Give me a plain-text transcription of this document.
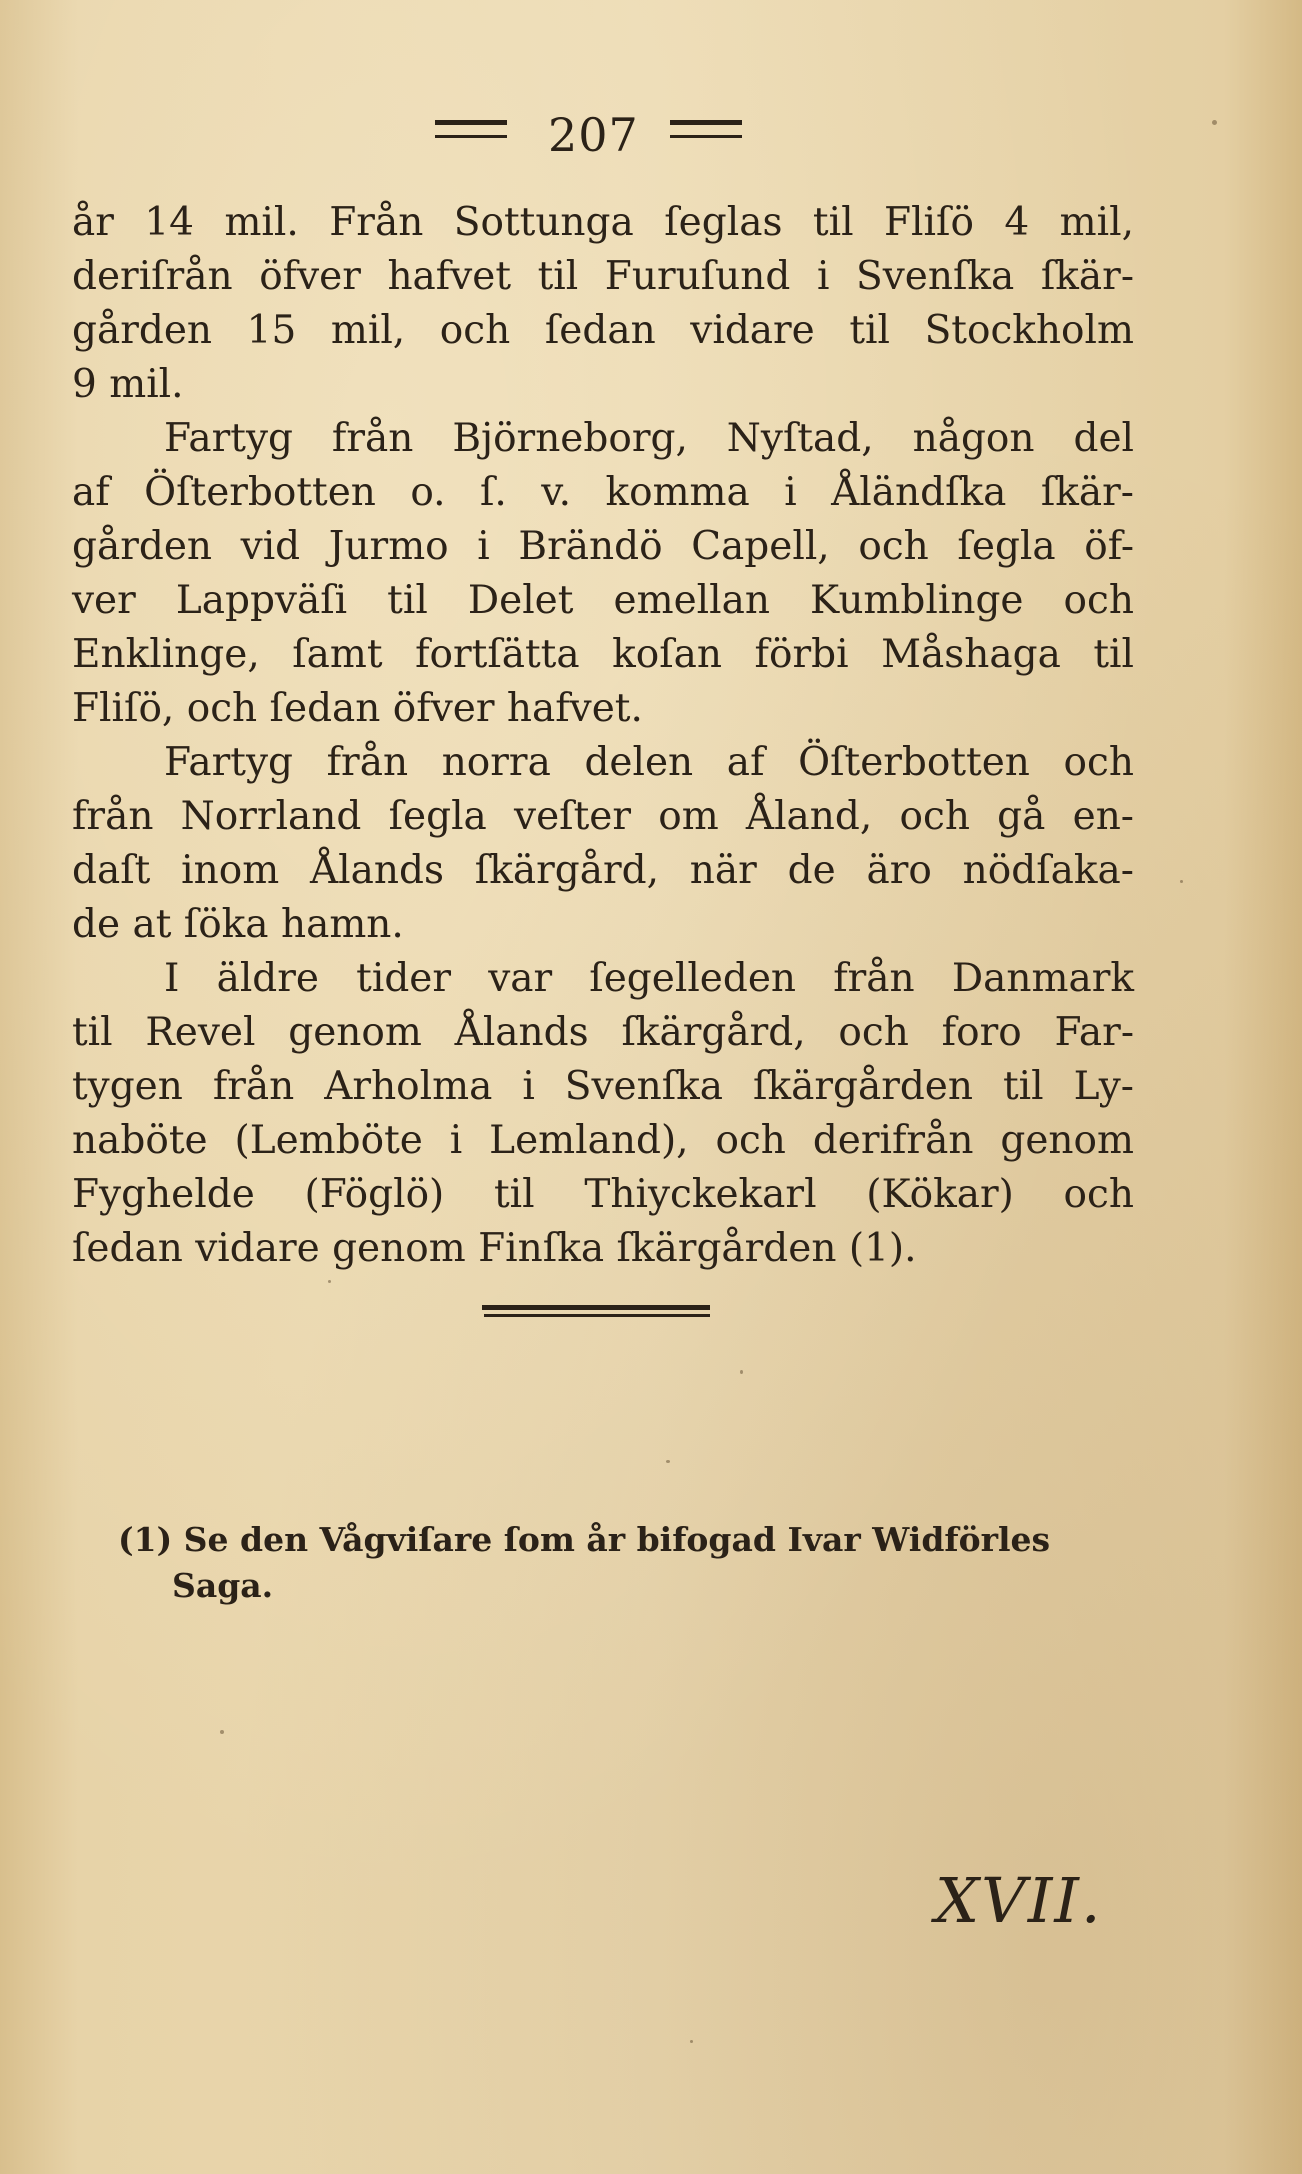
207
år 14 mil. Från Sottunga ſeglas til Fliſö 4 mil,
deriſrån öfver hafvet til Furuſund i Svenſka ſkär-
gården 15 mil, och ſedan vidare til Stockholm
9 mil.
Fartyg från Björneborg, Nyſtad, någon del
af Öſterbotten o. ſ. v. komma i Åländſka ſkär-
gården vid Jurmo i Brändö Capell, och ſegla öf-
ver Lappväſi til Delet emellan Kumblinge och
Enklinge, ſamt fortſätta koſan förbi Måshaga til
Fliſö, och ſedan öfver hafvet.
Fartyg från norra delen af Öſterbotten och
från Norrland ſegla veſter om Åland, och gå en-
daſt inom Ålands ſkärgård, när de äro nödſaka-
de at ſöka hamn.
I äldre tider var ſegelleden från Danmark
til Revel genom Ålands ſkärgård, och foro Far-
tygen från Arholma i Svenſka ſkärgården til Ly-
naböte (Lemböte i Lemland), och derifrån genom
Fyghelde (Föglö) til Thiyckekarl (Kökar) och
ſedan vidare genom Finſka ſkärgården (1).
(1) Se den Vågviſare ſom år bifogad Ivar Widförles
Saga.
XVII.
